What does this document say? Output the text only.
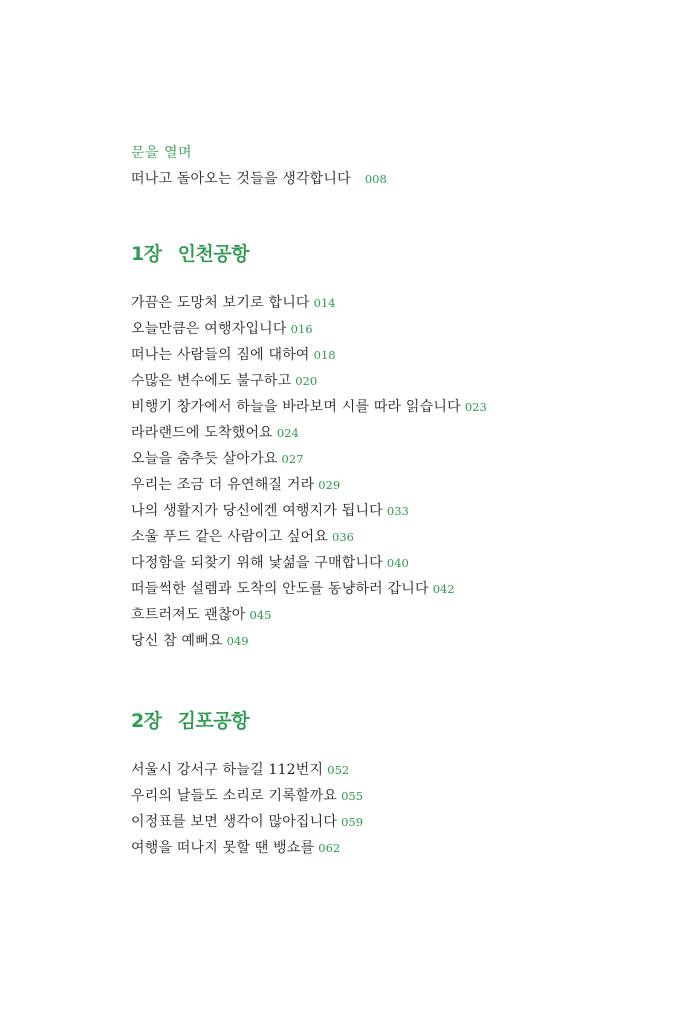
문을 열며
떠나고 돌아오는 것들을 생각합니다 008
1장 인천공항
가끔은 도망처 보기로 합니다 014
오늘만큼은 여행자입니다 016
떠나는 사람들의 짐에 대하여 018
수많은 변수에도 불구하고 020
비행기 창가에서 하늘을 바라보며 시를 따라 읽습니다 023
라라랜드에 도착했어요 024
오늘을 춤추듯 살아가요 027
우리는 조금 더 유연해질 거라 029
나의 생활지가 당신에겐 여행지가 됩니다 033
소울 푸드 같은 사람이고 싶어요 036
다정함을 되찾기 위해 낯섦을 구매합니다 040
떠들썩한 설렘과 도착의 안도를 동냥하러 갑니다 042
흐트러져도 괜찮아 045
당신 참 예뻐요 049
2장 김포공항
서울시 강서구 하늘길 112번지 052
우리의 날들도 소리로 기록할까요 055
이정표를 보면 생각이 많아집니다 059
여행을 떠나지 못할 땐 뱅쇼를 062
